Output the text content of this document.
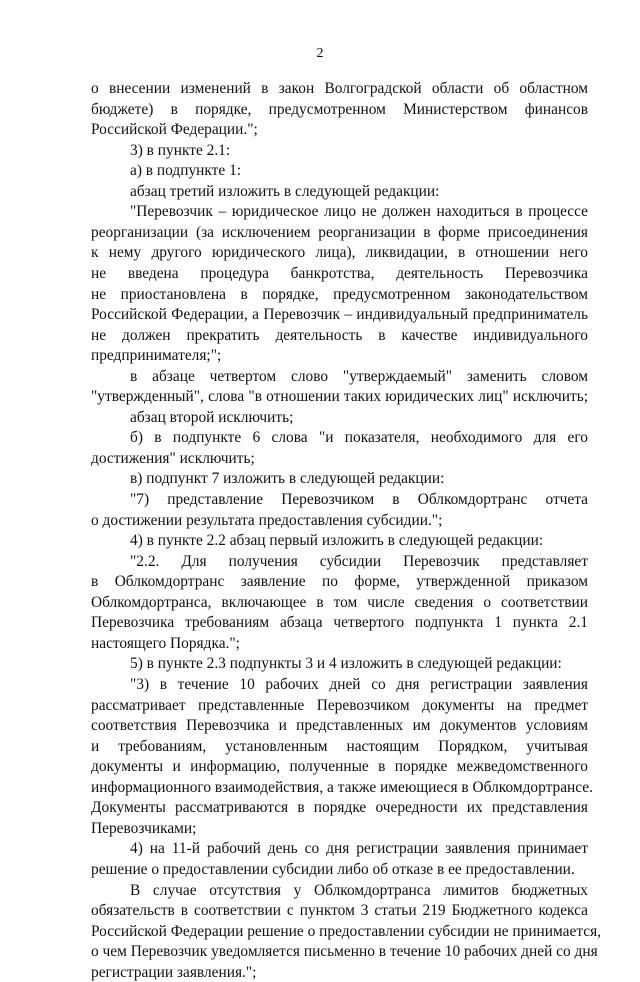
2
о внесении изменений в закон Волгоградской области об областном
бюджете) в порядке, предусмотренном Министерством финансов
Российской Федерации.";
3) в пункте 2.1:
а) в подпункте 1:
абзац третий изложить в следующей редакции:
"Перевозчик – юридическое лицо не должен находиться в процессе
реорганизации (за исключением реорганизации в форме присоединения
к нему другого юридического лица), ликвидации, в отношении него
не введена процедура банкротства, деятельность Перевозчика
не приостановлена в порядке, предусмотренном законодательством
Российской Федерации, а Перевозчик – индивидуальный предприниматель
не должен прекратить деятельность в качестве индивидуального
предпринимателя;";
в абзаце четвертом слово "утверждаемый" заменить словом
"утвержденный", слова "в отношении таких юридических лиц" исключить;
абзац второй исключить;
б) в подпункте 6 слова "и показателя, необходимого для его
достижения" исключить;
в) подпункт 7 изложить в следующей редакции:
"7) представление Перевозчиком в Облкомдортранс отчета
о достижении результата предоставления субсидии.";
4) в пункте 2.2 абзац первый изложить в следующей редакции:
"2.2. Для получения субсидии Перевозчик представляет
в Облкомдортранс заявление по форме, утвержденной приказом
Облкомдортранса, включающее в том числе сведения о соответствии
Перевозчика требованиям абзаца четвертого подпункта 1 пункта 2.1
настоящего Порядка.";
5) в пункте 2.3 подпункты 3 и 4 изложить в следующей редакции:
"3) в течение 10 рабочих дней со дня регистрации заявления
рассматривает представленные Перевозчиком документы на предмет
соответствия Перевозчика и представленных им документов условиям
и требованиям, установленным настоящим Порядком, учитывая
документы и информацию, полученные в порядке межведомственного
информационного взаимодействия, а также имеющиеся в Облкомдортрансе.
Документы рассматриваются в порядке очередности их представления
Перевозчиками;
4) на 11-й рабочий день со дня регистрации заявления принимает
решение о предоставлении субсидии либо об отказе в ее предоставлении.
В случае отсутствия у Облкомдортранса лимитов бюджетных
обязательств в соответствии с пунктом 3 статьи 219 Бюджетного кодекса
Российской Федерации решение о предоставлении субсидии не принимается,
о чем Перевозчик уведомляется письменно в течение 10 рабочих дней со дня
регистрации заявления.";
